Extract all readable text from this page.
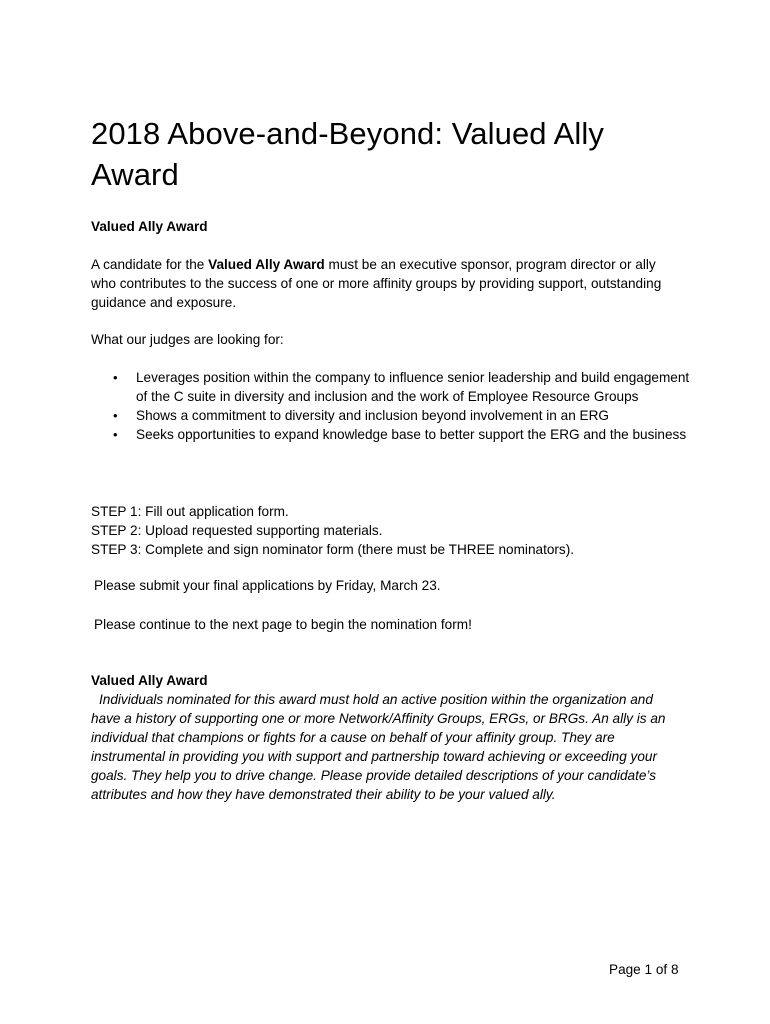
2018 Above-and-Beyond: Valued Ally Award
Valued Ally Award
A candidate for the Valued Ally Award must be an executive sponsor, program director or ally who contributes to the success of one or more affinity groups by providing support, outstanding guidance and exposure.
What our judges are looking for:
• Leverages position within the company to influence senior leadership and build engagement of the C suite in diversity and inclusion and the work of Employee Resource Groups
• Shows a commitment to diversity and inclusion beyond involvement in an ERG
• Seeks opportunities to expand knowledge base to better support the ERG and the business
STEP 1: Fill out application form.
STEP 2: Upload requested supporting materials.
STEP 3: Complete and sign nominator form (there must be THREE nominators).
Please submit your final applications by Friday, March 23.
Please continue to the next page to begin the nomination form!
Valued Ally Award
Individuals nominated for this award must hold an active position within the organization and have a history of supporting one or more Network/Affinity Groups, ERGs, or BRGs. An ally is an individual that champions or fights for a cause on behalf of your affinity group. They are instrumental in providing you with support and partnership toward achieving or exceeding your goals. They help you to drive change. Please provide detailed descriptions of your candidate’s attributes and how they have demonstrated their ability to be your valued ally.
Page 1 of 8
